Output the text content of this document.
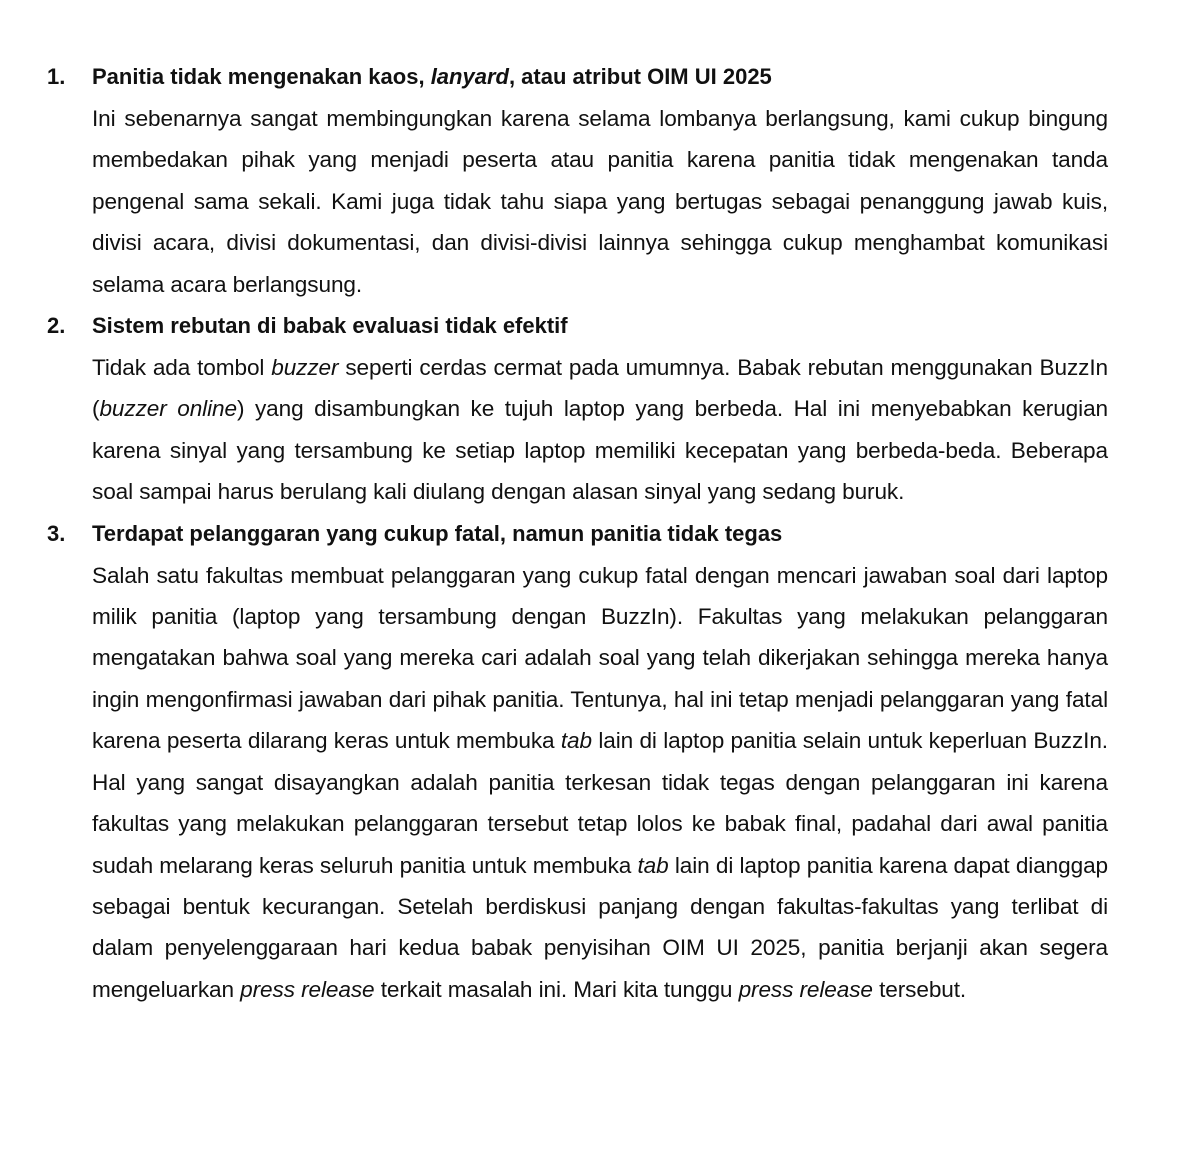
1. Panitia tidak mengenakan kaos, lanyard, atau atribut OIM UI 2025

Ini sebenarnya sangat membingungkan karena selama lombanya berlangsung, kami cukup bingung membedakan pihak yang menjadi peserta atau panitia karena panitia tidak mengenakan tanda pengenal sama sekali. Kami juga tidak tahu siapa yang bertugas sebagai penanggung jawab kuis, divisi acara, divisi dokumentasi, dan divisi-divisi lainnya sehingga cukup menghambat komunikasi selama acara berlangsung.

2. Sistem rebutan di babak evaluasi tidak efektif

Tidak ada tombol buzzer seperti cerdas cermat pada umumnya. Babak rebutan menggunakan BuzzIn (buzzer online) yang disambungkan ke tujuh laptop yang berbeda. Hal ini menyebabkan kerugian karena sinyal yang tersambung ke setiap laptop memiliki kecepatan yang berbeda-beda. Beberapa soal sampai harus berulang kali diulang dengan alasan sinyal yang sedang buruk.

3. Terdapat pelanggaran yang cukup fatal, namun panitia tidak tegas

Salah satu fakultas membuat pelanggaran yang cukup fatal dengan mencari jawaban soal dari laptop milik panitia (laptop yang tersambung dengan BuzzIn). Fakultas yang melakukan pelanggaran mengatakan bahwa soal yang mereka cari adalah soal yang telah dikerjakan sehingga mereka hanya ingin mengonfirmasi jawaban dari pihak panitia. Tentunya, hal ini tetap menjadi pelanggaran yang fatal karena peserta dilarang keras untuk membuka tab lain di laptop panitia selain untuk keperluan BuzzIn. Hal yang sangat disayangkan adalah panitia terkesan tidak tegas dengan pelanggaran ini karena fakultas yang melakukan pelanggaran tersebut tetap lolos ke babak final, padahal dari awal panitia sudah melarang keras seluruh panitia untuk membuka tab lain di laptop panitia karena dapat dianggap sebagai bentuk kecurangan. Setelah berdiskusi panjang dengan fakultas-fakultas yang terlibat di dalam penyelenggaraan hari kedua babak penyisihan OIM UI 2025, panitia berjanji akan segera mengeluarkan press release terkait masalah ini. Mari kita tunggu press release tersebut.
